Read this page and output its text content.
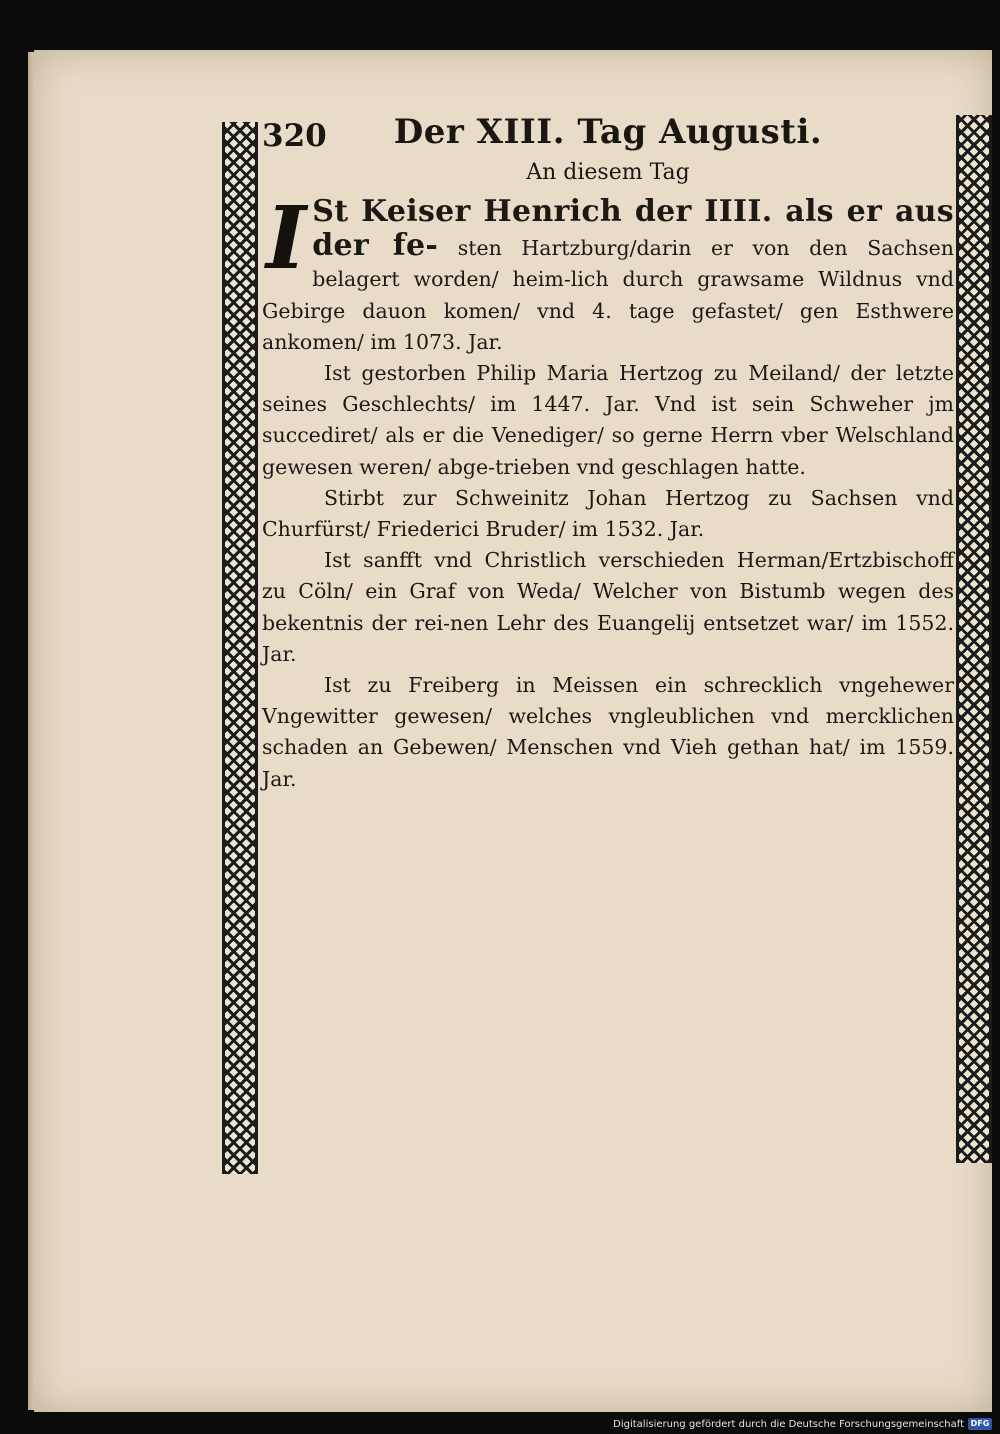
320	Der XIII. Tag Augusti.
An diesem Tag

I St Keiser Henrich der IIII. als er aus der fe- sten Hartzburg/darin er von den Sachsen belagert worden/ heim-lich durch grawsame Wildnus vnd Gebirge dauon komen/ vnd 4. tage gefastet/ gen Esthwere ankomen/ im 1073. Jar.

Ist gestorben Philip Maria Hertzog zu Meiland/ der letzte seines Geschlechts/ im 1447. Jar. Vnd ist sein Schweher jm succediret/ als er die Venediger/ so gerne Herrn vber Welschland gewesen weren/ abge-trieben vnd geschlagen hatte.

Stirbt zur Schweinitz Johan Hertzog zu Sachsen vnd Churfürst/ Friederici Bruder/ im 1532. Jar.

Ist sanfft vnd Christlich verschieden Herman/Ertzbischoff zu Cöln/ ein Graf von Weda/ Welcher von Bistumb wegen des bekentnis der rei-nen Lehr des Euangelij entsetzet war/ im 1552. Jar.

Ist zu Freiberg in Meissen ein schrecklich vngehewer Vngewitter gewesen/ welches vngleublichen vnd mercklichen schaden an Gebewen/ Menschen vnd Vieh gethan hat/ im 1559. Jar.

Digitalisierung gefördert durch die Deutsche Forschungsgemeinschaft DFG
